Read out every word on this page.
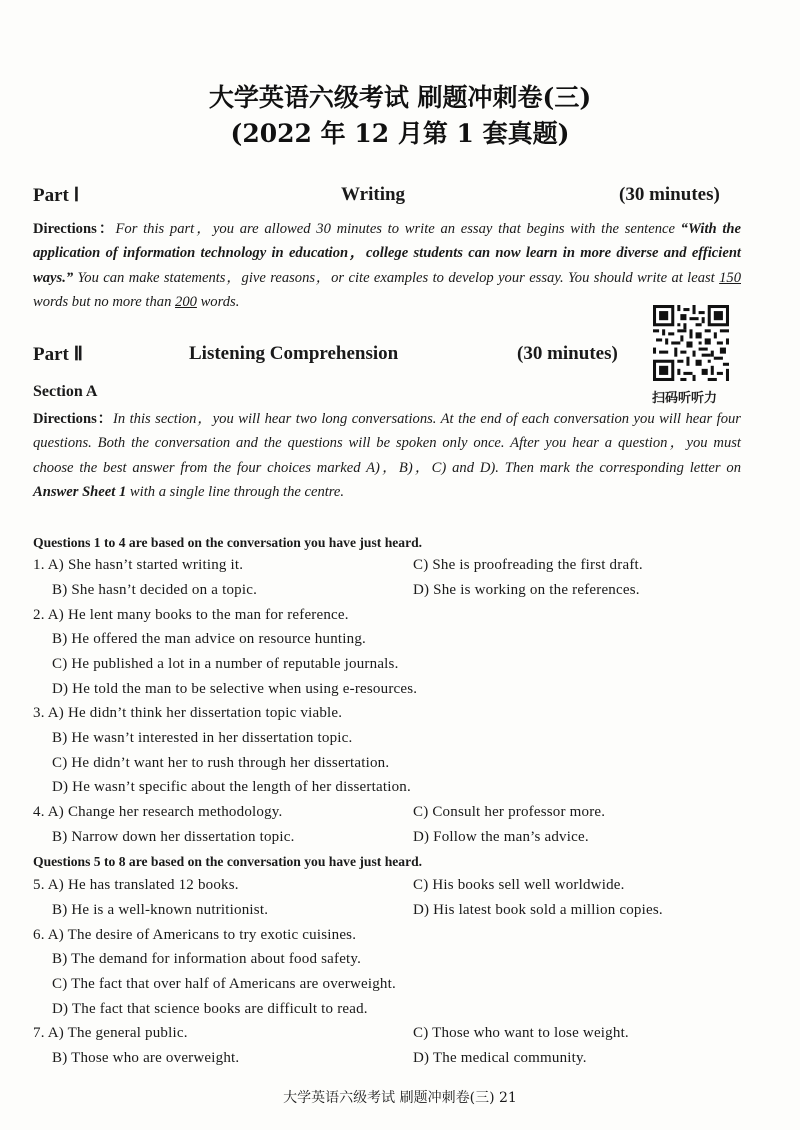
大学英语六级考试 刷题冲刺卷(三)
(2022 年 12 月第 1 套真题)
Part Ⅰ	Writing	(30 minutes)

Directions：For this part，you are allowed 30 minutes to write an essay that begins with the sentence “With the application of information technology in education，college students can now learn in more diverse and efficient ways.” You can make statements，give reasons，or cite examples to develop your essay. You should write at least 150 words but no more than 200 words.

Part Ⅱ	Listening Comprehension	(30 minutes)
扫码听听力
Section A

Directions：In this section，you will hear two long conversations. At the end of each conversation you will hear four questions. Both the conversation and the questions will be spoken only once. After you hear a question，you must choose the best answer from the four choices marked A)，B)，C) and D). Then mark the corresponding letter on Answer Sheet 1 with a single line through the centre.

Questions 1 to 4 are based on the conversation you have just heard.
1. A) She hasn’t started writing it.	C) She is proofreading the first draft.
B) She hasn’t decided on a topic.	D) She is working on the references.
2. A) He lent many books to the man for reference.
B) He offered the man advice on resource hunting.
C) He published a lot in a number of reputable journals.
D) He told the man to be selective when using e-resources.
3. A) He didn’t think her dissertation topic viable.
B) He wasn’t interested in her dissertation topic.
C) He didn’t want her to rush through her dissertation.
D) He wasn’t specific about the length of her dissertation.
4. A) Change her research methodology.	C) Consult her professor more.
B) Narrow down her dissertation topic.	D) Follow the man’s advice.
Questions 5 to 8 are based on the conversation you have just heard.
5. A) He has translated 12 books.	C) His books sell well worldwide.
B) He is a well-known nutritionist.	D) His latest book sold a million copies.
6. A) The desire of Americans to try exotic cuisines.
B) The demand for information about food safety.
C) The fact that over half of Americans are overweight.
D) The fact that science books are difficult to read.
7. A) The general public.	C) Those who want to lose weight.
B) Those who are overweight.	D) The medical community.
大学英语六级考试 刷题冲刺卷(三) 21
